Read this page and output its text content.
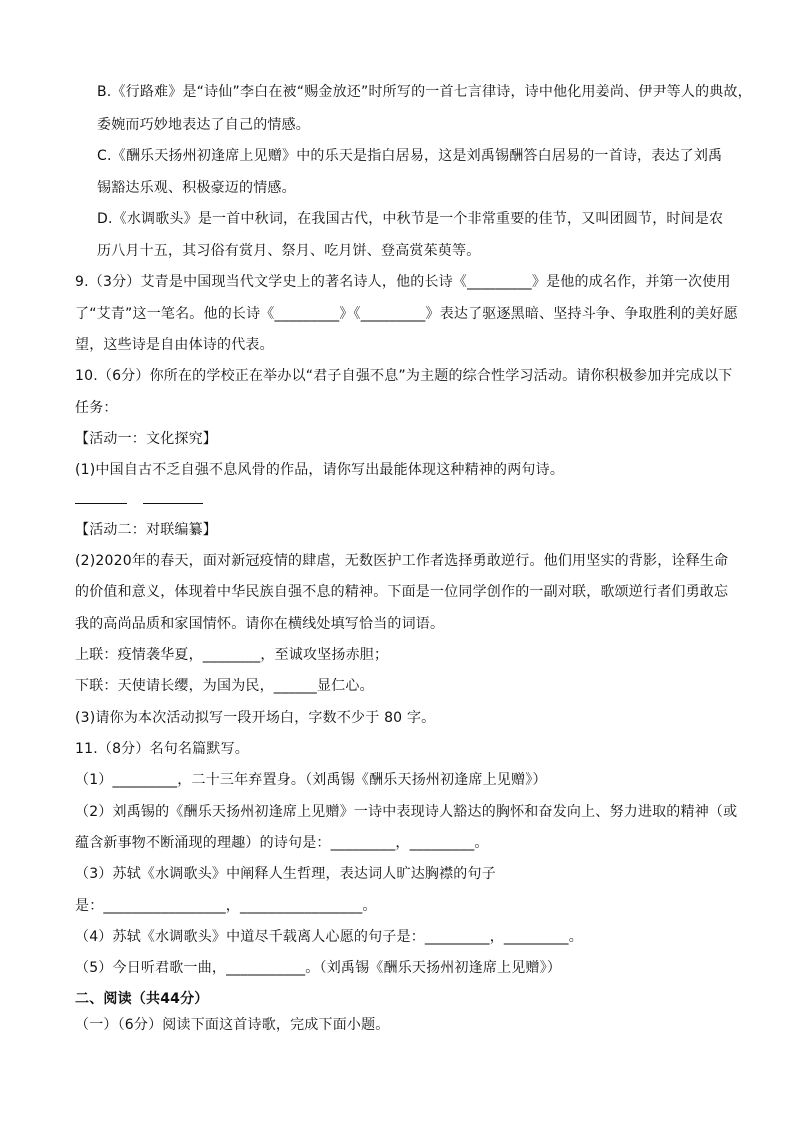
B.《行路难》是“诗仙”李白在被“赐金放还”时所写的一首七言律诗，诗中他化用姜尚、伊尹等人的典故，
委婉而巧妙地表达了自己的情感。
C.《酬乐天扬州初逢席上见赠》中的乐天是指白居易，这是刘禹锡酬答白居易的一首诗，表达了刘禹
锡豁达乐观、积极豪迈的情感。
D.《水调歌头》是一首中秋词，在我国古代，中秋节是一个非常重要的佳节，又叫团圆节，时间是农
历八月十五，其习俗有赏月、祭月、吃月饼、登高赏茱萸等。
9.（3分）艾青是中国现当代文学史上的著名诗人，他的长诗《_________》是他的成名作，并第一次使用
了“艾青”这一笔名。他的长诗《_________》《_________》表达了驱逐黑暗、坚持斗争、争取胜利的美好愿
望，这些诗是自由体诗的代表。
10.（6分）你所在的学校正在举办以“君子自强不息”为主题的综合性学习活动。请你积极参加并完成以下
任务：
【活动一：文化探究】
(1)中国自古不乏自强不息风骨的作品，请你写出最能体现这种精神的两句诗。
【活动二：对联编纂】
(2)2020年的春天，面对新冠疫情的肆虐，无数医护工作者选择勇敢逆行。他们用坚实的背影，诠释生命
的价值和意义，体现着中华民族自强不息的精神。下面是一位同学创作的一副对联，歌颂逆行者们勇敢忘
我的高尚品质和家国情怀。请你在横线处填写恰当的词语。
上联：疫情袭华夏，________，至诚攻坚扬赤胆；
下联：天使请长缨，为国为民，______显仁心。
(3)请你为本次活动拟写一段开场白，字数不少于 80 字。
11.（8分）名句名篇默写。
（1）_________，二十三年弃置身。（刘禹锡《酬乐天扬州初逢席上见赠》）
（2）刘禹锡的《酬乐天扬州初逢席上见赠》一诗中表现诗人豁达的胸怀和奋发向上、努力进取的精神（或
蕴含新事物不断涌现的理趣）的诗句是：_________，_________。
（3）苏轼《水调歌头》中阐释人生哲理，表达词人旷达胸襟的句子
是：_________________，_________________。
（4）苏轼《水调歌头》中道尽千载离人心愿的句子是：_________，_________。
（5）今日听君歌一曲，___________。（刘禹锡《酬乐天扬州初逢席上见赠》）
二、阅读（共44分）
（一）（6分）阅读下面这首诗歌，完成下面小题。
